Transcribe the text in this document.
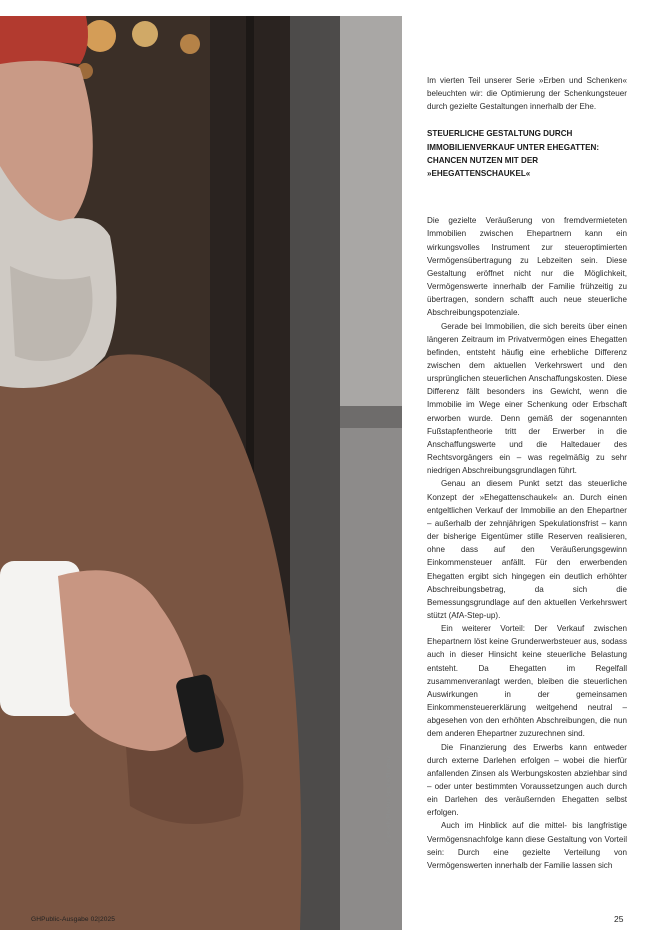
© pexels/Markus Spiske/Pixabay

Im vierten Teil unserer Serie »Erben und Schenken« beleuchten wir: die Optimierung der Schenkungsteuer durch gezielte Gestaltungen innerhalb der Ehe.

STEUERLICHE GESTALTUNG DURCH IMMOBILIENVERKAUF UNTER EHEGATTEN: CHANCEN NUTZEN MIT DER »EHEGATTENSCHAUKEL«

Die gezielte Veräußerung von fremdvermieteten Immobilien zwischen Ehepartnern kann ein wirkungsvolles Instrument zur steueroptimierten Vermögensübertragung zu Lebzeiten sein. Diese Gestaltung eröffnet nicht nur die Möglichkeit, Vermögenswerte innerhalb der Familie frühzeitig zu übertragen, sondern schafft auch neue steuerliche Abschreibungspotenziale.

Gerade bei Immobilien, die sich bereits über einen längeren Zeitraum im Privatvermögen eines Ehegatten befinden, entsteht häufig eine erhebliche Differenz zwischen dem aktuellen Verkehrswert und den ursprünglichen steuerlichen Anschaffungskosten. Diese Differenz fällt besonders ins Gewicht, wenn die Immobilie im Wege einer Schenkung oder Erbschaft erworben wurde. Denn gemäß der sogenannten Fußstapfentheorie tritt der Erwerber in die Anschaffungswerte und die Haltedauer des Rechtsvorgängers ein – was regelmäßig zu sehr niedrigen Abschreibungsgrundlagen führt.

Genau an diesem Punkt setzt das steuerliche Konzept der »Ehegattenschaukel« an. Durch einen entgeltlichen Verkauf der Immobilie an den Ehepartner – außerhalb der zehnjährigen Spekulationsfrist – kann der bisherige Eigentümer stille Reserven realisieren, ohne dass auf den Veräußerungsgewinn Einkommensteuer anfällt. Für den erwerbenden Ehegatten ergibt sich hingegen ein deutlich erhöhter Abschreibungsbetrag, da sich die Bemessungsgrundlage auf den aktuellen Verkehrswert stützt (AfA-Step-up).

Ein weiterer Vorteil: Der Verkauf zwischen Ehepartnern löst keine Grunderwerbsteuer aus, sodass auch in dieser Hinsicht keine steuerliche Belastung entsteht. Da Ehegatten im Regelfall zusammenveranlagt werden, bleiben die steuerlichen Auswirkungen in der gemeinsamen Einkommensteuererklärung weitgehend neutral – abgesehen von den erhöhten Abschreibungen, die nun dem anderen Ehepartner zuzurechnen sind.

Die Finanzierung des Erwerbs kann entweder durch externe Darlehen erfolgen – wobei die hierfür anfallenden Zinsen als Werbungskosten abziehbar sind – oder unter bestimmten Voraussetzungen auch durch ein Darlehen des veräußernden Ehegatten selbst erfolgen.

Auch im Hinblick auf die mittel- bis langfristige Vermögensnachfolge kann diese Gestaltung von Vorteil sein: Durch eine gezielte Verteilung von Vermögenswerten innerhalb der Familie lassen sich

GHPublic-Ausgabe 02|2025	25
